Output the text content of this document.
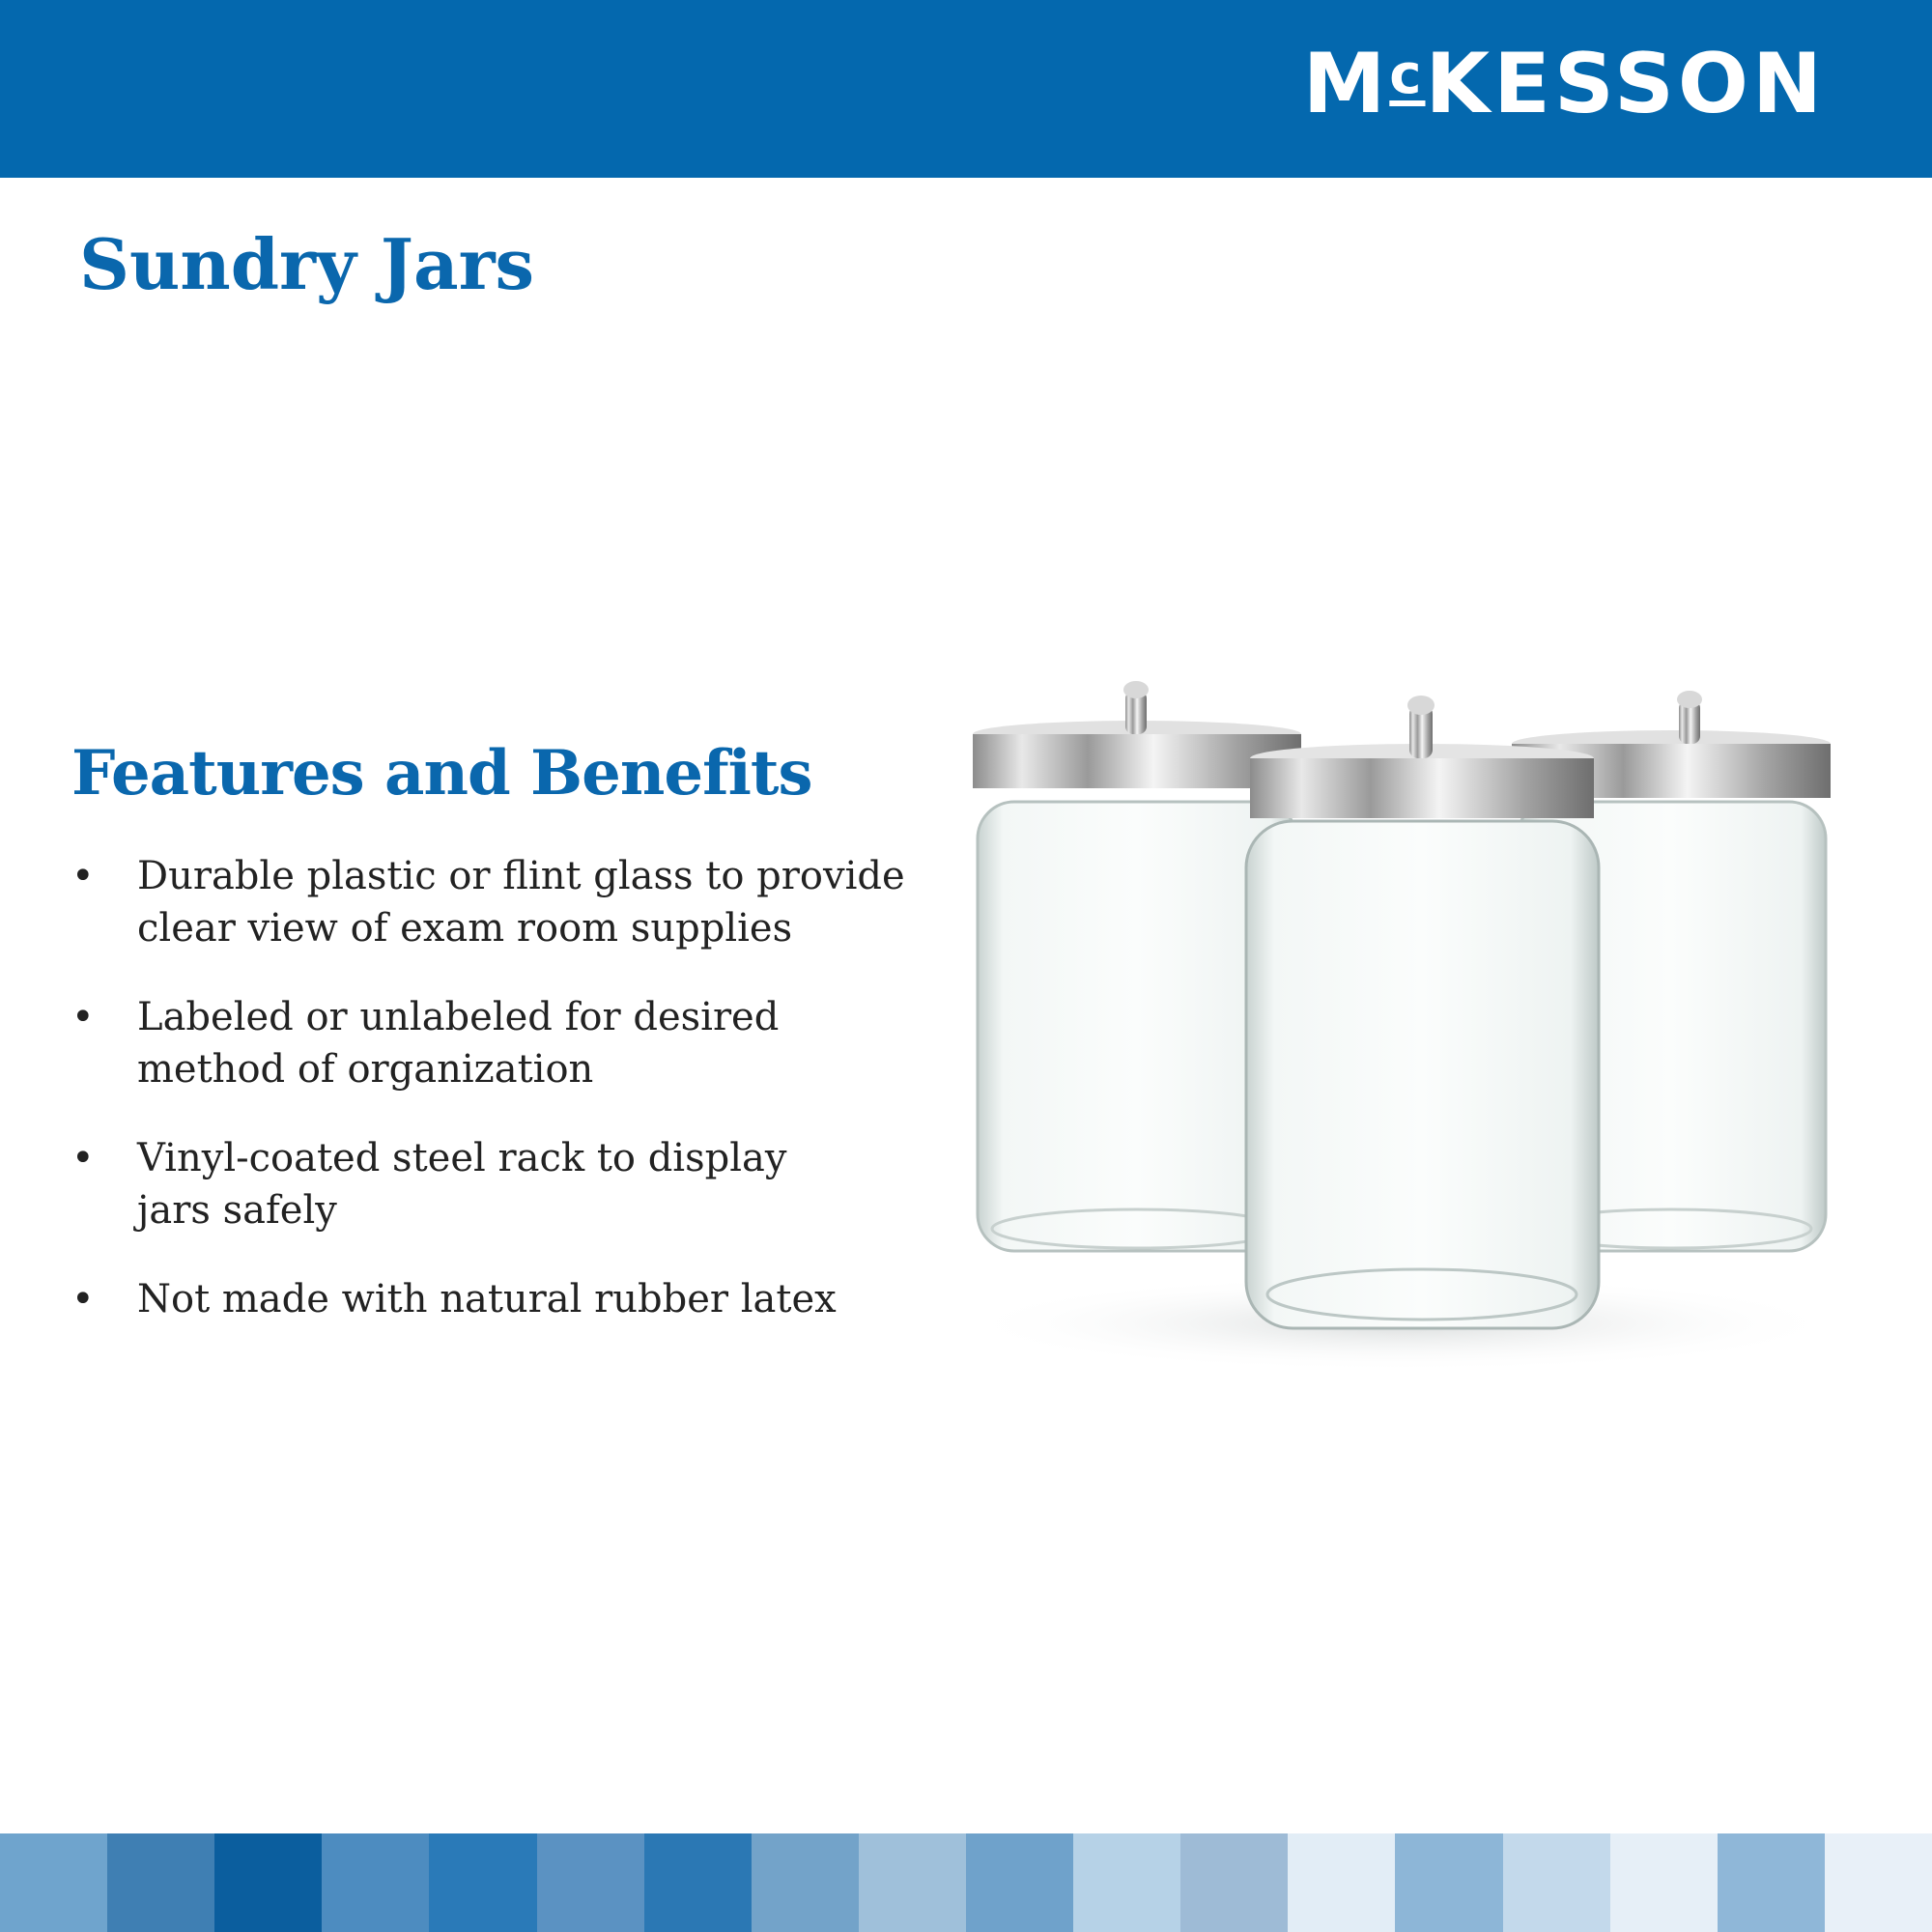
$M^cKESSON$
Sundry Jars
Features and Benefits
• Durable plastic or flint glass to provide
clear view of exam room supplies
• Labeled or unlabeled for desired
method of organization
• Vinyl-coated steel rack to display
jars safely
• Not made with natural rubber latex
